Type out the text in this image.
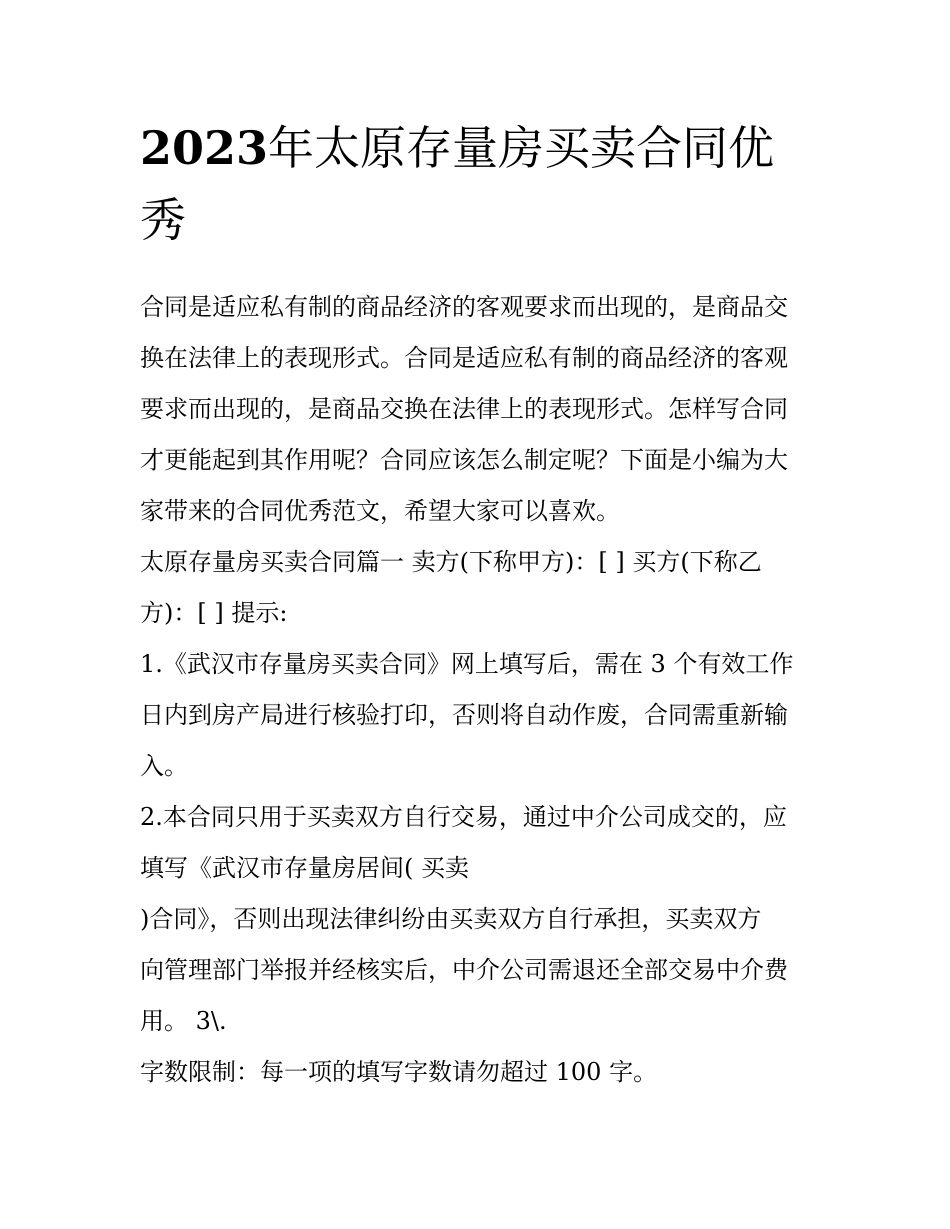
2023年太原存量房买卖合同优秀

合同是适应私有制的商品经济的客观要求而出现的，是商品交
换在法律上的表现形式。合同是适应私有制的商品经济的客观
要求而出现的，是商品交换在法律上的表现形式。怎样写合同
才更能起到其作用呢？合同应该怎么制定呢？下面是小编为大
家带来的合同优秀范文，希望大家可以喜欢。

太原存量房买卖合同篇一 卖方(下称甲方)：[ ] 买方(下称乙
方)：[ ] 提示:

1.《武汉市存量房买卖合同》网上填写后，需在 3 个有效工作
日内到房产局进行核验打印，否则将自动作废，合同需重新输
入。

2.本合同只用于买卖双方自行交易，通过中介公司成交的，应
填写《武汉市存量房居间( 买卖
)合同》，否则出现法律纠纷由买卖双方自行承担，买卖双方
向管理部门举报并经核实后，中介公司需退还全部交易中介费
用。 3\.

字数限制：每一项的填写字数请勿超过 100 字。
